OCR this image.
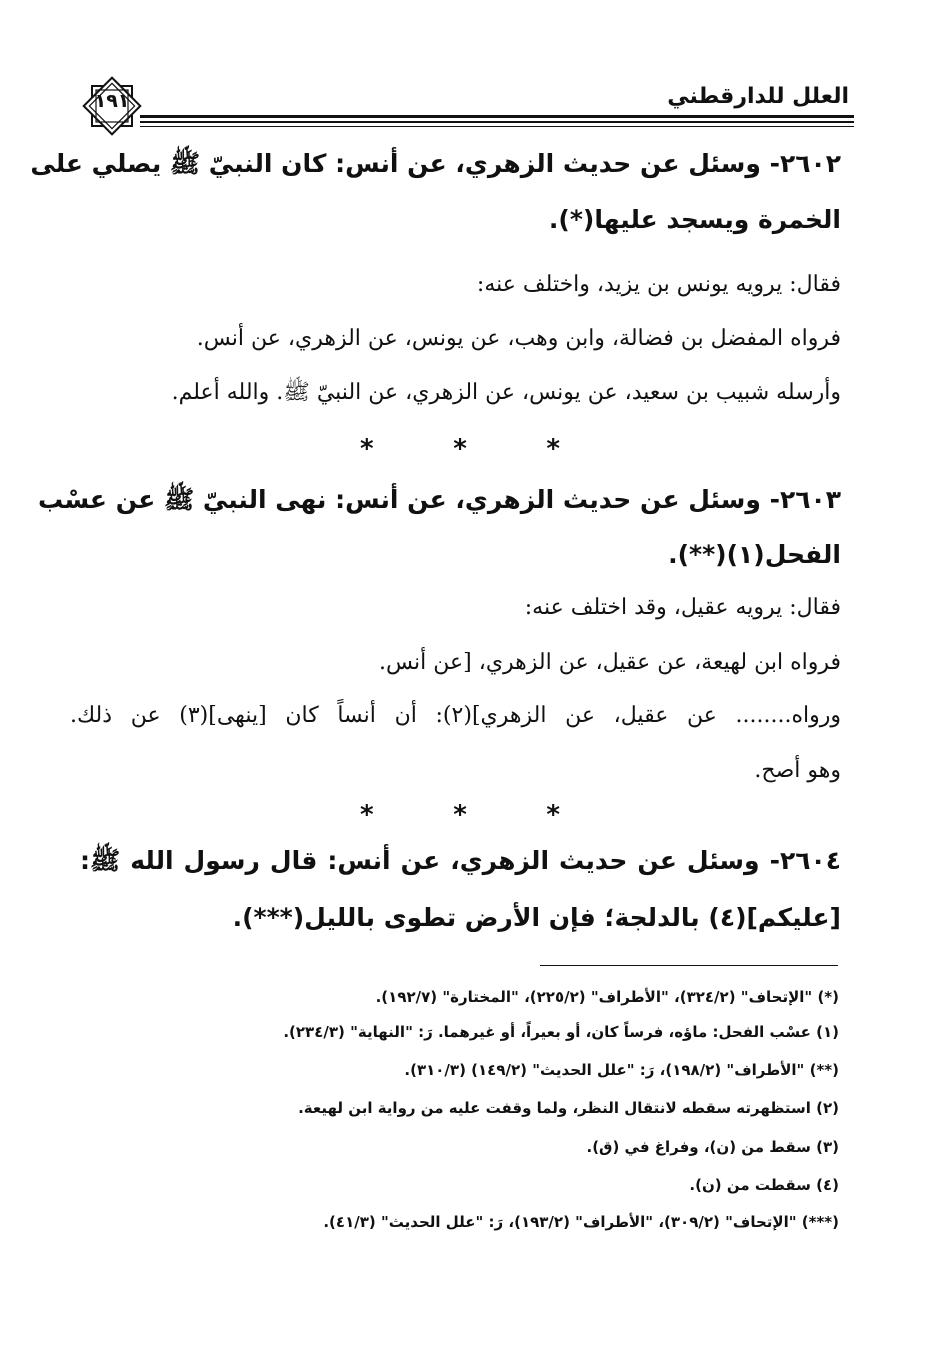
العلل للدارقطني
١٩١
٢٦٠٢- وسئل عن حديث الزهري، عن أنس: كان النبيّ ﷺ يصلي على
الخمرة ويسجد عليها(*).
فقال: يرويه يونس بن يزيد، واختلف عنه:
فرواه المفضل بن فضالة، وابن وهب، عن يونس، عن الزهري، عن أنس.
وأرسله شبيب بن سعيد، عن يونس، عن الزهري، عن النبيّ ﷺ. والله أعلم.
*	*	*
٢٦٠٣- وسئل عن حديث الزهري، عن أنس: نهى النبيّ ﷺ عن عسْب
الفحل(١)(**).
فقال: يرويه عقيل، وقد اختلف عنه:
فرواه ابن لهيعة، عن عقيل، عن الزهري، [عن أنس.
ورواه........ عن عقيل، عن الزهري](٢): أن أنساً كان [ينهى](٣) عن ذلك.
وهو أصح.
*	*	*
٢٦٠٤- وسئل عن حديث الزهري، عن أنس: قال رسول الله ﷺ:
[عليكم](٤) بالدلجة؛ فإن الأرض تطوى بالليل(***).
(*) "الإتحاف" (٣٢٤/٢)، "الأطراف" (٢٢٥/٢)، "المختارة" (١٩٢/٧).
(١) عسْب الفحل: ماؤه، فرساً كان، أو بعيراً، أو غيرهما. رَ: "النهاية" (٢٣٤/٣).
(**) "الأطراف" (١٩٨/٢)، رَ: "علل الحديث" (١٤٩/٢) (٣١٠/٣).
(٢) استظهرته سقطه لانتقال النظر، ولما وقفت عليه من رواية ابن لهيعة.
(٣) سقط من (ن)، وفراغ في (ق).
(٤) سقطت من (ن).
(***) "الإتحاف" (٣٠٩/٢)، "الأطراف" (١٩٣/٢)، رَ: "علل الحديث" (٤١/٣).
